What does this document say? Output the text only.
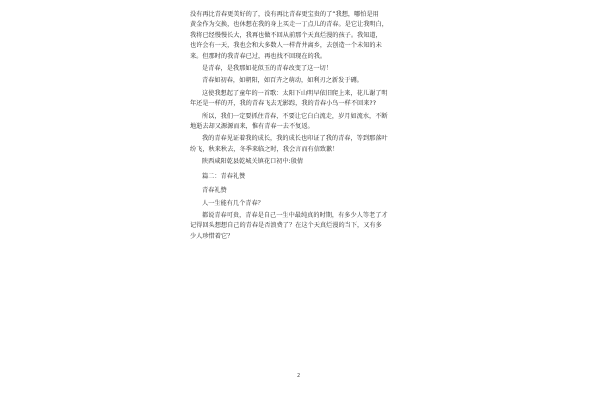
没有再比青春更美好的了，没有再比青春更宝贵的了”我想，哪怕是用
黄金作为交换，也休想在我的身上买走一丁点儿的青春。是它让我明白，
我将已经慢慢长大，我再也做不回从前那个天真烂漫的孩子。我知道，
也许会有一天，我也会和大多数人一样背井离乡，去创造一个未知的未
来。但那时的我青春已过，再也找不回现在的我。
是青春，是我那如花似玉的青春改变了这一切！
青春如初春，如朝阳，如百卉之萌动，如利刃之新发于硎。
这使我想起了童年的一首歌：太阳下山明早依旧爬上来，花儿谢了明
年还是一样的开，我的青春飞去无影踪，我的青春小鸟一样不回来??
所以，我们一定要抓住青春，不要让它白白流走，岁月如流水，不断
地逝去却又源源而来，惟有青春一去不复返。
我的青春见证着我的成长，我的成长也印证了我的青春，等到那落叶
纷飞，秋来秋去，冬季来临之时，我会言而有信致歉！
陕西咸阳乾县乾城关镇花口初中:殷倩
篇二：青春礼赞
青春礼赞
人一生能有几个青春？
都说青春可贵，青春是自己一生中最纯真的时期，有多少人等老了才
记得回头想想自己的青春是否浪费了？在这个天真烂漫的当下，又有多
少人珍惜着它？
2
